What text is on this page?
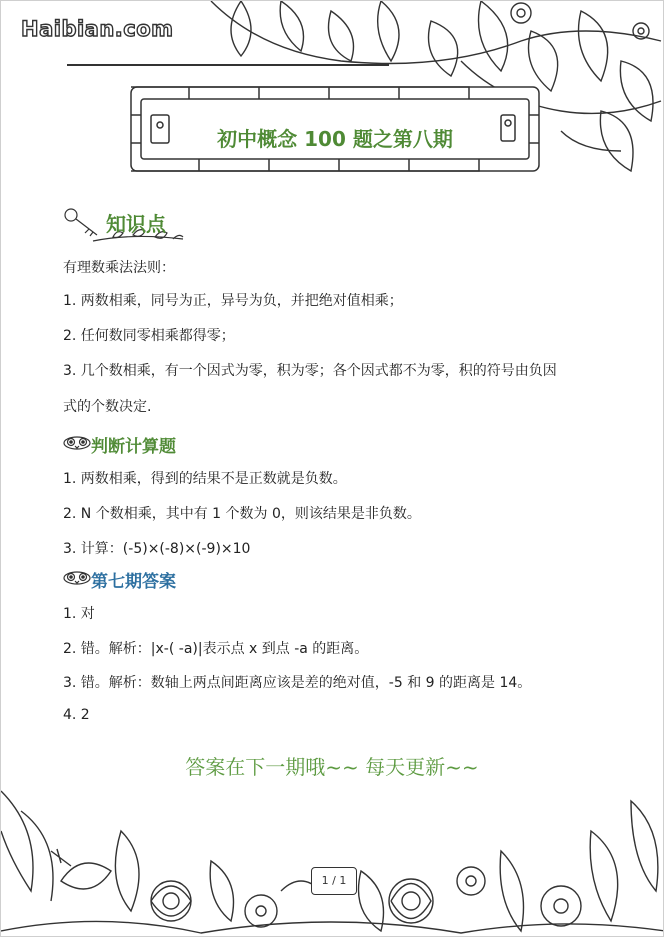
Haibian.com
初中概念 100 题之第八期
知识点
有理数乘法法则：
1. 两数相乘，同号为正，异号为负，并把绝对值相乘；
2. 任何数同零相乘都得零；
3. 几个数相乘，有一个因式为零，积为零；各个因式都不为零，积的符号由负因
式的个数决定.
判断计算题
1. 两数相乘，得到的结果不是正数就是负数。
2. N 个数相乘，其中有 1 个数为 0，则该结果是非负数。
3. 计算：(-5)×(-8)×(-9)×10
第七期答案
1. 对
2. 错。解析：|x-( -a)|表示点 x 到点 -a 的距离。
3. 错。解析：数轴上两点间距离应该是差的绝对值，-5 和 9 的距离是 14。
4. 2
答案在下一期哦~~ 每天更新~~
1 / 1
